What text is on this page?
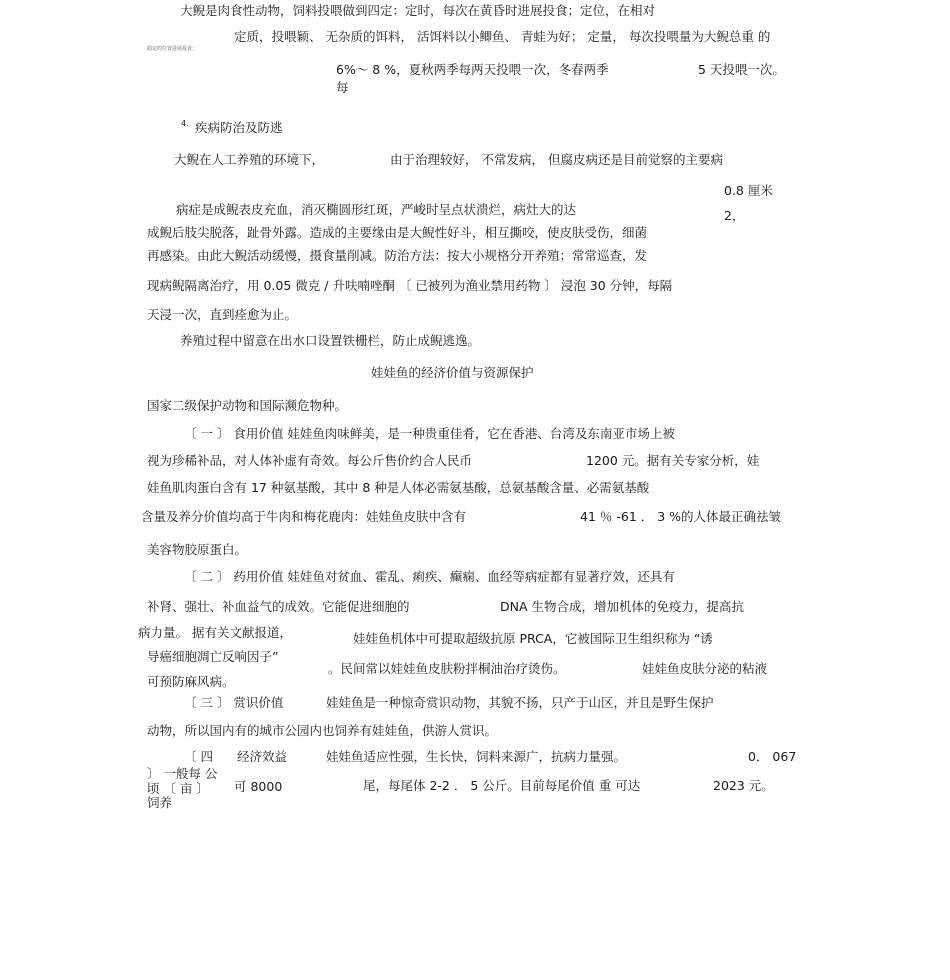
大鲵是肉食性动物，饲料投喂做到四定：定时，每次在黄昏时进展投食；定位，在相对
稳定的位置进展投食；
定质，投喂颖、 无杂质的饵料， 活饵料以小鲫鱼、 青蛙为好； 定量， 每次投喂量为大鲵总重 的
6%～ 8 %，夏秋两季每两天投喂一次，冬春两季	5 天投喂一次。
每
4. 疾病防治及防逃
大鲵在人工养殖的环境下，	由于治理较好， 不常发病， 但腐皮病还是目前觉察的主要病
0.8 厘米
病症是成鲵表皮充血，消灭椭圆形红斑，严峻时呈点状溃烂，病灶大的达	2，
成鲵后肢尖脱落，趾骨外露。造成的主要缘由是大鲵性好斗，相互撕咬，使皮肤受伤，细菌
再感染。由此大鲵活动缓慢，摄食量削减。防治方法：按大小规格分开养殖；常常巡查，发
现病鲵隔离治疗，用 0.05 微克 / 升呋喃唑酮 〔 已被列为渔业禁用药物 〕 浸泡 30 分钟，每隔
天浸一次，直到痊愈为止。
养殖过程中留意在出水口设置铁栅栏，防止成鲵逃逸。
娃娃鱼的经济价值与资源保护
国家二级保护动物和国际濒危物种。
〔 一 〕 食用价值 娃娃鱼肉味鲜美，是一种贵重佳肴，它在香港、台湾及东南亚市场上被
视为珍稀补品，对人体补虚有奇效。每公斤售价约合人民币	1200 元。据有关专家分析，娃
娃鱼肌肉蛋白含有 17 种氨基酸，其中 8 种是人体必需氨基酸，总氨基酸含量、必需氨基酸
含量及养分价值均高于牛肉和梅花鹿肉：娃娃鱼皮肤中含有	41 ％ -61 ． 3 %的人体最正确祛皱
美容物胶原蛋白。
〔 二 〕 药用价值 娃娃鱼对贫血、霍乱、痢疾、癫痫、血经等病症都有显著疗效，还具有
补肾、强壮、补血益气的成效。它能促进细胞的	DNA 生物合成，增加机体的免疫力，提高抗
病力量。 据有关文献报道，	娃娃鱼机体中可提取超级抗原 PRCA，它被国际卫生组织称为 “诱
导癌细胞凋亡反响因子”
。民间常以娃娃鱼皮肤粉拌桐油治疗烫伤。	娃娃鱼皮肤分泌的粘液
可预防麻风病。
〔 三 〕 赏识价值	娃娃鱼是一种惊奇赏识动物，其貌不扬，只产于山区，并且是野生保护
动物，所以国内有的城市公园内也饲养有娃娃鱼，供游人赏识。
〔 四 经济效益	娃娃鱼适应性强，生长快，饲料来源广，抗病力量强。	0． 067
〕 一般每 公
顷 〔 亩 〕 可 8000	尾，每尾体 2-2 ． 5 公斤。目前每尾价值 重 可达	2023 元。
饲养
